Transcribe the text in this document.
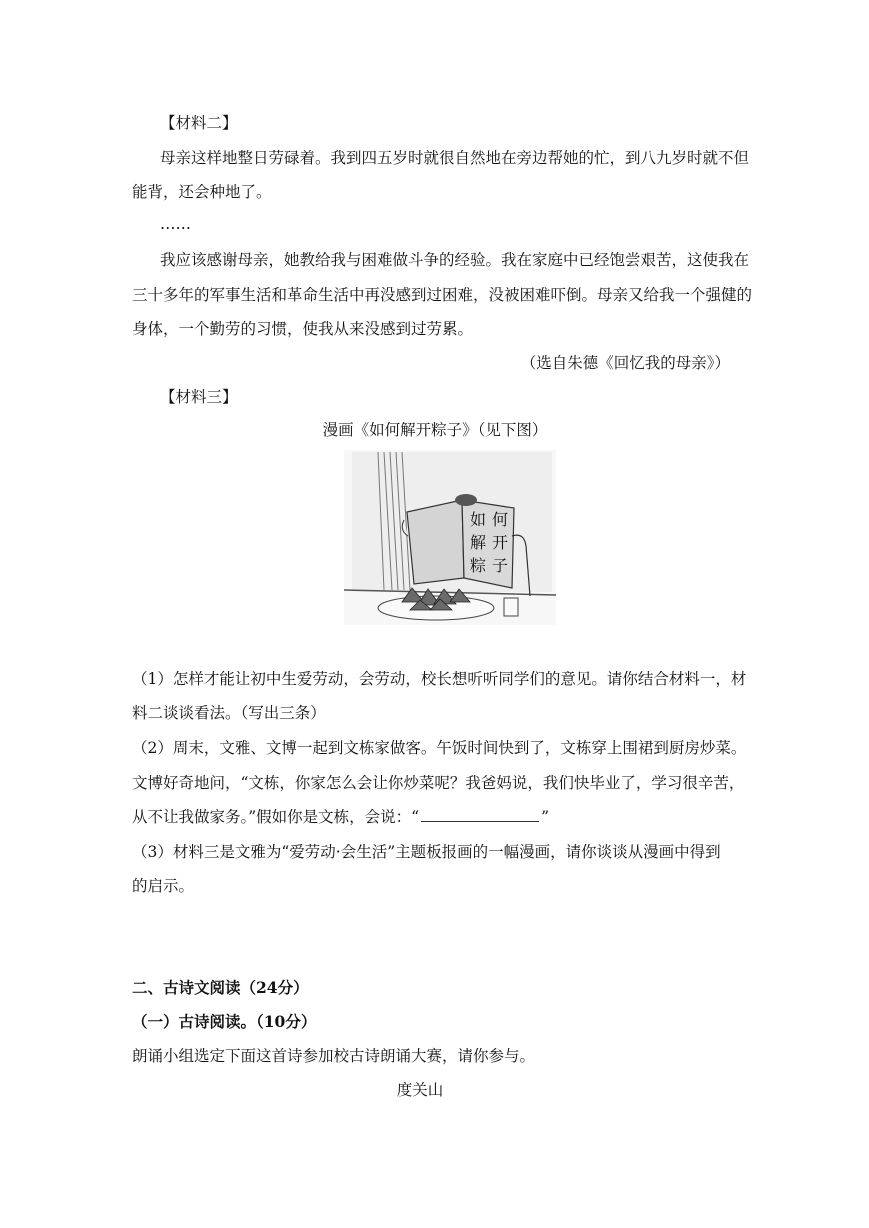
【材料二】
母亲这样地整日劳碌着。我到四五岁时就很自然地在旁边帮她的忙，到八九岁时就不但
能背，还会种地了。
……
我应该感谢母亲，她教给我与困难做斗争的经验。我在家庭中已经饱尝艰苦，这使我在
三十多年的军事生活和革命生活中再没感到过困难，没被困难吓倒。母亲又给我一个强健的
身体，一个勤劳的习惯，使我从来没感到过劳累。
（选自朱德《回忆我的母亲》）
【材料三】
漫画《如何解开粽子》（见下图）
如 何
解 开
粽 子
（1）怎样才能让初中生爱劳动，会劳动，校长想听听同学们的意见。请你结合材料一，材
料二谈谈看法。（写出三条）
（2）周末，文雅、文博一起到文栋家做客。午饭时间快到了，文栋穿上围裙到厨房炒菜。
文博好奇地问，“文栋，你家怎么会让你炒菜呢？我爸妈说，我们快毕业了，学习很辛苦，
从不让我做家务。”假如你是文栋，会说：“	”
（3）材料三是文雅为“爱劳动·会生活”主题板报画的一幅漫画，请你谈谈从漫画中得到
的启示。
二、古诗文阅读（24分）
（一）古诗阅读。（10分）
朗诵小组选定下面这首诗参加校古诗朗诵大赛，请你参与。
度关山
